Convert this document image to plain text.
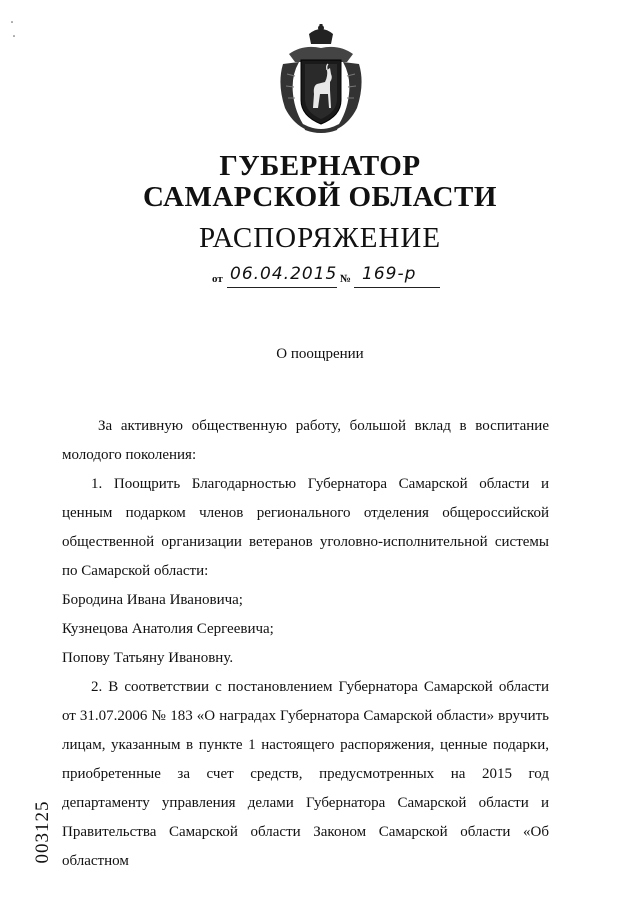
ГУБЕРНАТОР
САМАРСКОЙ ОБЛАСТИ
РАСПОРЯЖЕНИЕ
от 06.04.2015 № 169-р
О поощрении

За активную общественную работу, большой вклад в воспитание молодого поколения:

1. Поощрить Благодарностью Губернатора Самарской области и ценным подарком членов регионального отделения общероссийской общественной организации ветеранов уголовно-исполнительной системы по Самарской области:

Бородина Ивана Ивановича;

Кузнецова Анатолия Сергеевича;

Попову Татьяну Ивановну.

2. В соответствии с постановлением Губернатора Самарской области от 31.07.2006 № 183 «О наградах Губернатора Самарской области» вручить лицам, указанным в пункте 1 настоящего распоряжения, ценные подарки, приобретенные за счет средств, предусмотренных на 2015 год департаменту управления делами Губернатора Самарской области и Правительства Самарской области Законом Самарской области «Об областном

003125
